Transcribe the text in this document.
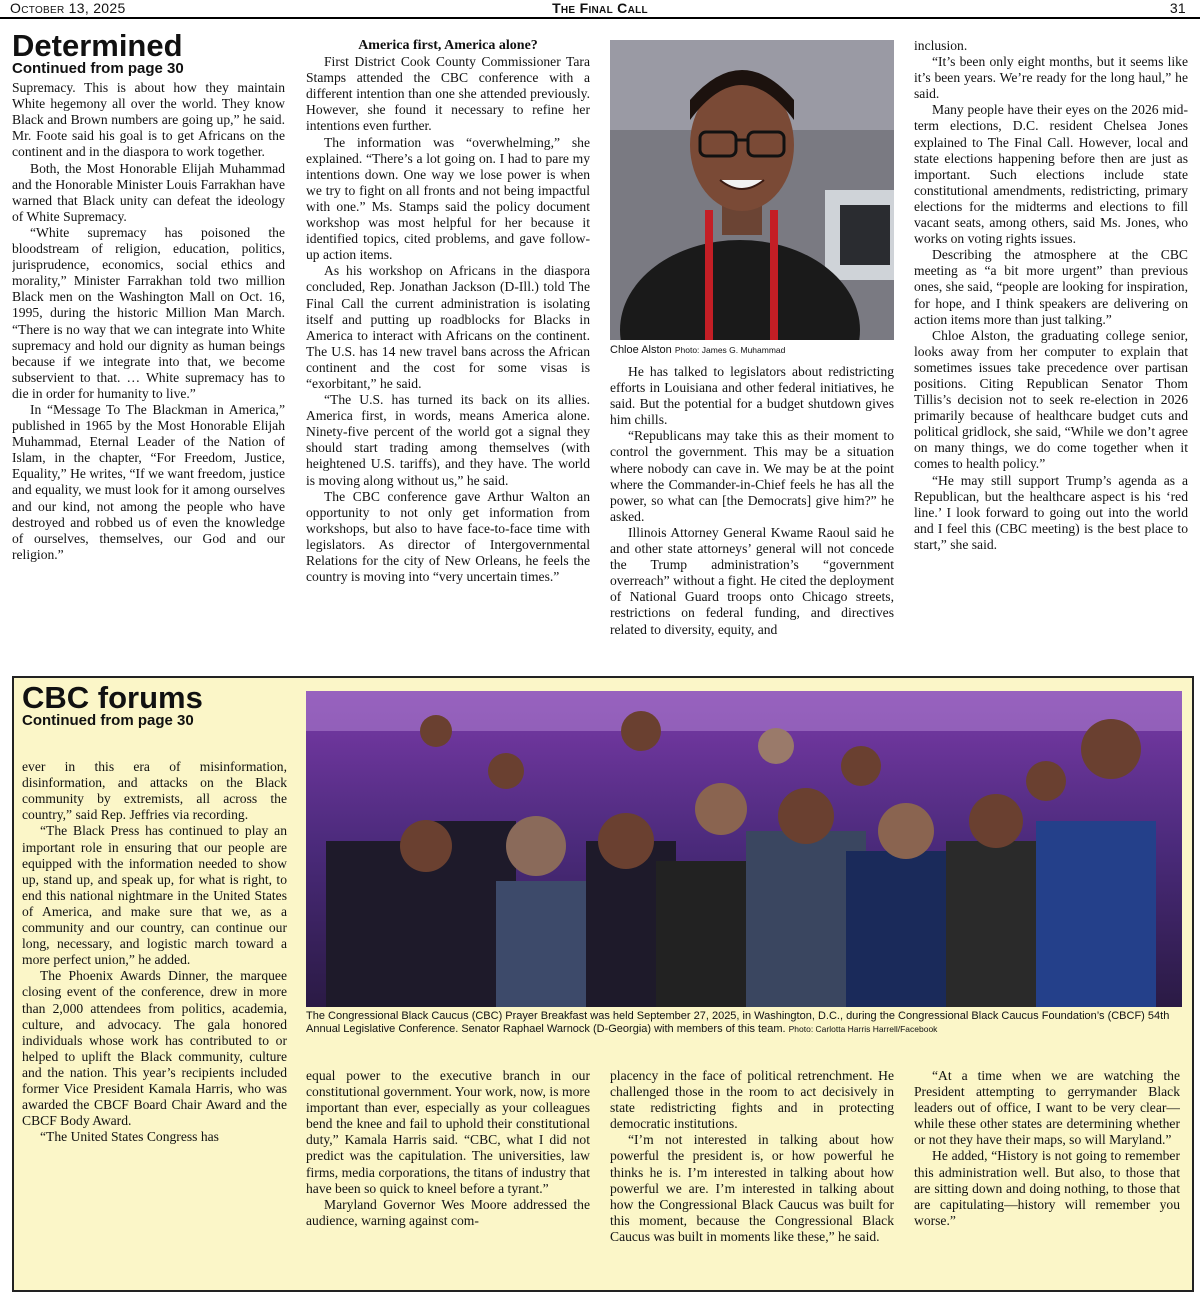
October 13, 2025	The Final Call	31
Determined
Continued from page 30

Supremacy. This is about how they maintain White hegemony all over the world. They know Black and Brown numbers are going up,” he said. Mr. Foote said his goal is to get Africans on the continent and in the diaspora to work together.

Both, the Most Honorable Elijah Muhammad and the Honorable Minister Louis Farrakhan have warned that Black unity can defeat the ideology of White Supremacy.

“White supremacy has poisoned the bloodstream of religion, education, politics, jurisprudence, economics, social ethics and morality,” Minister Farrakhan told two million Black men on the Washington Mall on Oct. 16, 1995, during the historic Million Man March. “There is no way that we can integrate into White supremacy and hold our dignity as human beings because if we integrate into that, we become subservient to that. … White supremacy has to die in order for humanity to live.”

In “Message To The Blackman in America,” published in 1965 by the Most Honorable Elijah Muhammad, Eternal Leader of the Nation of Islam, in the chapter, “For Freedom, Justice, Equality,” He writes, “If we want freedom, justice and equality, we must look for it among ourselves and our kind, not among the people who have destroyed and robbed us of even the knowledge of ourselves, themselves, our God and our religion.”

America first, America alone?

First District Cook County Commissioner Tara Stamps attended the CBC conference with a different intention than one she attended previously. However, she found it necessary to refine her intentions even further.

The information was “overwhelming,” she explained. “There’s a lot going on. I had to pare my intentions down. One way we lose power is when we try to fight on all fronts and not being impactful with one.” Ms. Stamps said the policy document workshop was most helpful for her because it identified topics, cited problems, and gave follow-up action items.

As his workshop on Africans in the diaspora concluded, Rep. Jonathan Jackson (D-Ill.) told The Final Call the current administration is isolating itself and putting up roadblocks for Blacks in America to interact with Africans on the continent. The U.S. has 14 new travel bans across the African continent and the cost for some visas is “exorbitant,” he said.

“The U.S. has turned its back on its allies. America first, in words, means America alone. Ninety-five percent of the world got a signal they should start trading among themselves (with heightened U.S. tariffs), and they have. The world is moving along without us,” he said.

The CBC conference gave Arthur Walton an opportunity to not only get information from workshops, but also to have face-to-face time with legislators. As director of Intergovernmental Relations for the city of New Orleans, he feels the country is moving into “very uncertain times.”

Chloe Alston Photo: James G. Muhammad

He has talked to legislators about redistricting efforts in Louisiana and other federal initiatives, he said. But the potential for a budget shutdown gives him chills.

“Republicans may take this as their moment to control the government. This may be a situation where nobody can cave in. We may be at the point where the Commander-in-Chief feels he has all the power, so what can [the Democrats] give him?” he asked.

Illinois Attorney General Kwame Raoul said he and other state attorneys’ general will not concede the Trump administration’s “government overreach” without a fight. He cited the deployment of National Guard troops onto Chicago streets, restrictions on federal funding, and directives related to diversity, equity, and

inclusion.

“It’s been only eight months, but it seems like it’s been years. We’re ready for the long haul,” he said.

Many people have their eyes on the 2026 mid-term elections, D.C. resident Chelsea Jones explained to The Final Call. However, local and state elections happening before then are just as important. Such elections include state constitutional amendments, redistricting, primary elections for the midterms and elections to fill vacant seats, among others, said Ms. Jones, who works on voting rights issues.

Describing the atmosphere at the CBC meeting as “a bit more urgent” than previous ones, she said, “people are looking for inspiration, for hope, and I think speakers are delivering on action items more than just talking.”

Chloe Alston, the graduating college senior, looks away from her computer to explain that sometimes issues take precedence over partisan positions. Citing Republican Senator Thom Tillis’s decision not to seek re-election in 2026 primarily because of healthcare budget cuts and political gridlock, she said, “While we don’t agree on many things, we do come together when it comes to health policy.”

“He may still support Trump’s agenda as a Republican, but the healthcare aspect is his ‘red line.’ I look forward to going out into the world and I feel this (CBC meeting) is the best place to start,” she said.

CBC forums
Continued from page 30

ever in this era of misinformation, disinformation, and attacks on the Black community by extremists, all across the country,” said Rep. Jeffries via recording.

“The Black Press has continued to play an important role in ensuring that our people are equipped with the information needed to show up, stand up, and speak up, for what is right, to end this national nightmare in the United States of America, and make sure that we, as a community and our country, can continue our long, necessary, and logistic march toward a more perfect union,” he added.

The Phoenix Awards Dinner, the marquee closing event of the conference, drew in more than 2,000 attendees from politics, academia, culture, and advocacy. The gala honored individuals whose work has contributed to or helped to uplift the Black community, culture and the nation. This year’s recipients included former Vice President Kamala Harris, who was awarded the CBCF Board Chair Award and the CBCF Body Award.

“The United States Congress has

The Congressional Black Caucus (CBC) Prayer Breakfast was held September 27, 2025, in Washington, D.C., during the Congressional Black Caucus Foundation’s (CBCF) 54th Annual Legislative Conference. Senator Raphael Warnock (D-Georgia) with members of this team. Photo: Carlotta Harris Harrell/Facebook

equal power to the executive branch in our constitutional government. Your work, now, is more important than ever, especially as your colleagues bend the knee and fail to uphold their constitutional duty,” Kamala Harris said. “CBC, what I did not predict was the capitulation. The universities, law firms, media corporations, the titans of industry that have been so quick to kneel before a tyrant.”

Maryland Governor Wes Moore addressed the audience, warning against com-

placency in the face of political retrenchment. He challenged those in the room to act decisively in state redistricting fights and in protecting democratic institutions.

“I’m not interested in talking about how powerful the president is, or how powerful he thinks he is. I’m interested in talking about how powerful we are. I’m interested in talking about how the Congressional Black Caucus was built for this moment, because the Congressional Black Caucus was built in moments like these,” he said.

“At a time when we are watching the President attempting to gerrymander Black leaders out of office, I want to be very clear—while these other states are determining whether or not they have their maps, so will Maryland.”

He added, “History is not going to remember this administration well. But also, to those that are sitting down and doing nothing, to those that are capitulating—history will remember you worse.”
